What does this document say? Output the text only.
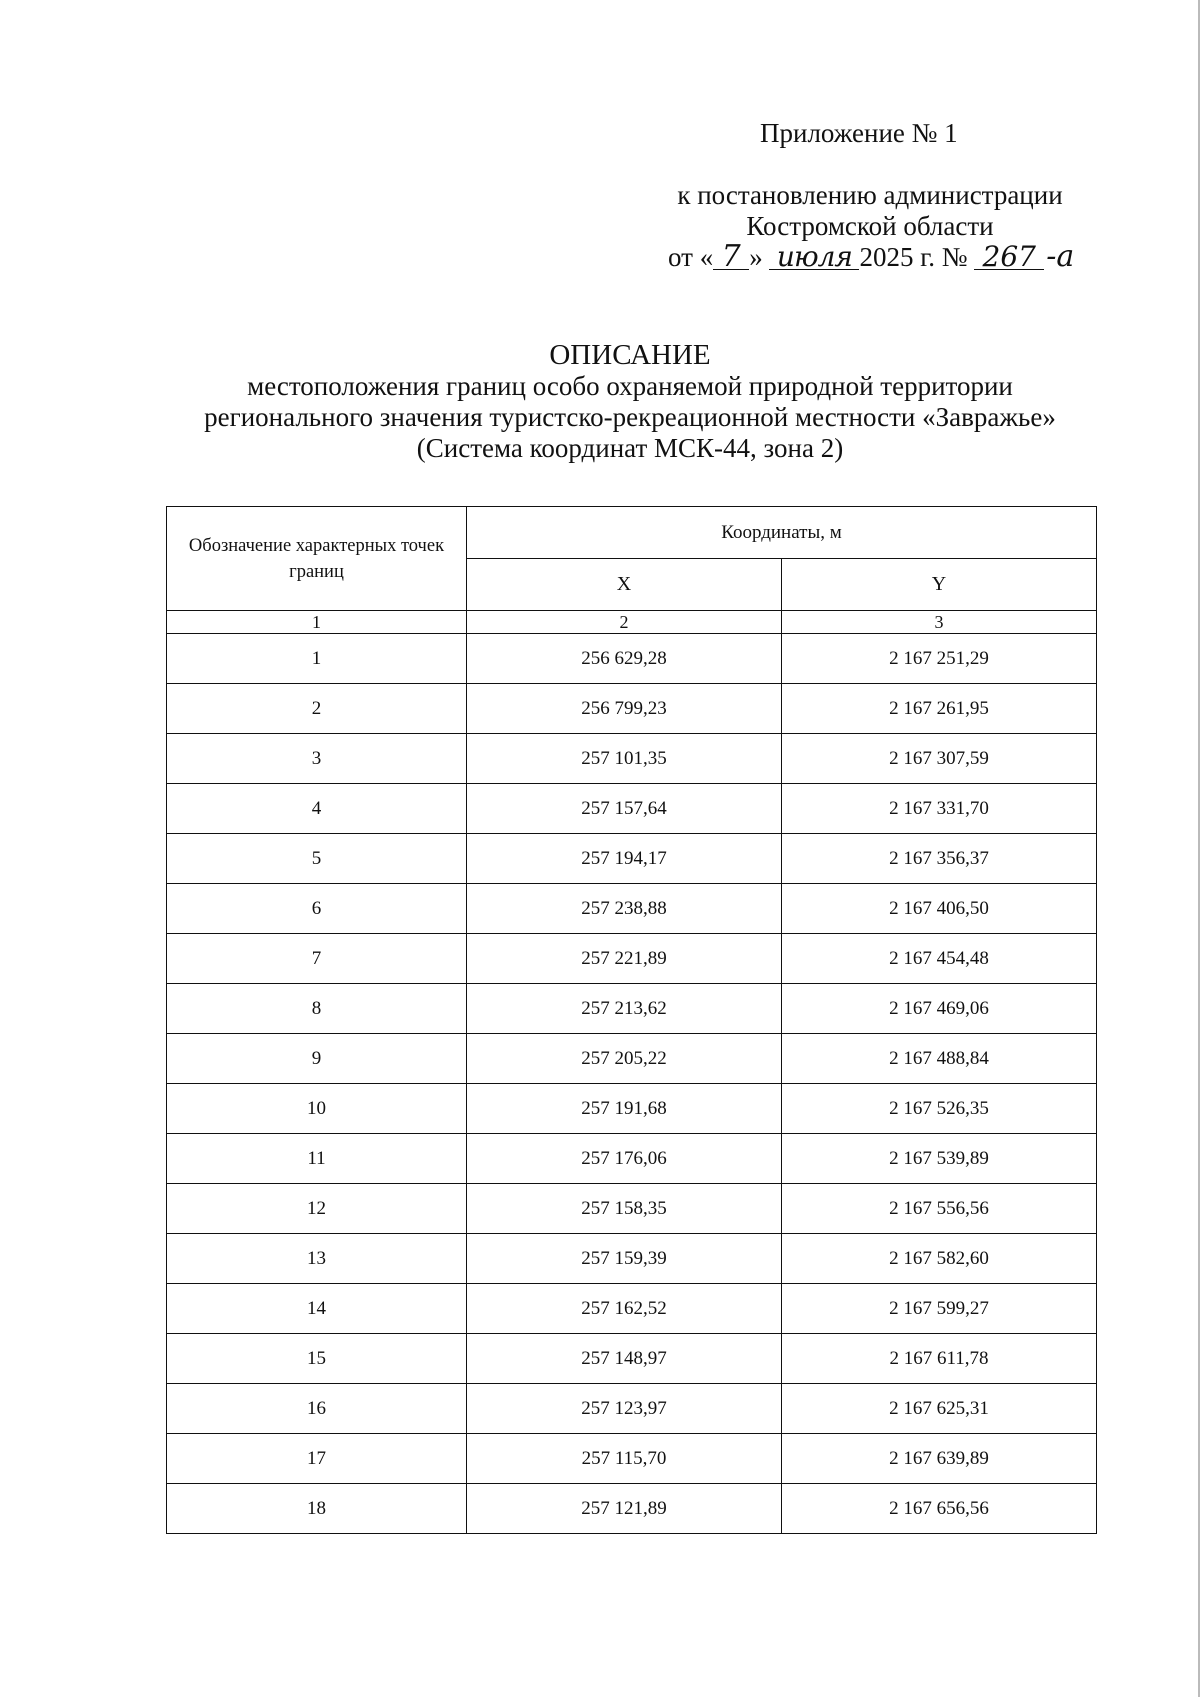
Приложение № 1
к постановлению администрации
Костромской области
от « 7 » июля 2025 г. № 267 -а
ОПИСАНИЕ
местоположения границ особо охраняемой природной территории
регионального значения туристско-рекреационной местности «Завражье»
(Система координат МСК-44, зона 2)
Обозначение характерных точек границ	Координаты, м	
	X	Y
1	2	3
1	256 629,28	2 167 251,29
2	256 799,23	2 167 261,95
3	257 101,35	2 167 307,59
4	257 157,64	2 167 331,70
5	257 194,17	2 167 356,37
6	257 238,88	2 167 406,50
7	257 221,89	2 167 454,48
8	257 213,62	2 167 469,06
9	257 205,22	2 167 488,84
10	257 191,68	2 167 526,35
11	257 176,06	2 167 539,89
12	257 158,35	2 167 556,56
13	257 159,39	2 167 582,60
14	257 162,52	2 167 599,27
15	257 148,97	2 167 611,78
16	257 123,97	2 167 625,31
17	257 115,70	2 167 639,89
18	257 121,89	2 167 656,56
